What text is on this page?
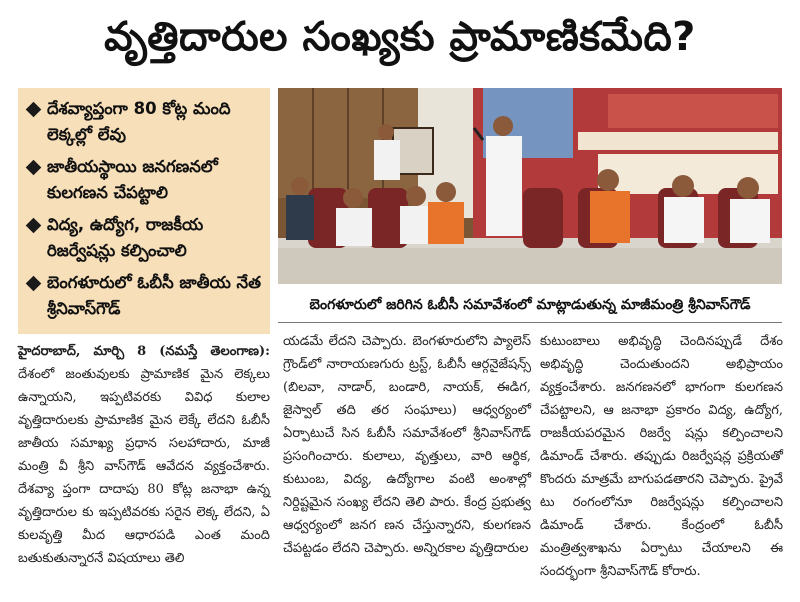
వృత్తిదారుల సంఖ్యకు ప్రామాణికమేది?
దేశవ్యాప్తంగా 80 కోట్ల మంది లెక్కల్లో లేవు
జాతీయస్థాయి జనగణనలో కులగణన చేపట్టాలి
విద్య, ఉద్యోగ, రాజకీయ రిజర్వేషన్లు కల్పించాలి
బెంగళూరులో ఓబీసీ జాతీయ నేత శ్రీనివాస్‌గౌడ్	బెంగళూరులో జరిగిన ఓబీసీ సమావేశంలో మాట్లాడుతున్న మాజీమంత్రి శ్రీనివాస్‌గౌడ్
హైదరాబాద్, మార్చి 8 (నమస్తే తెలంగాణ): దేశంలో జంతువులకు ప్రామాణిక మైన లెక్కలు ఉన్నాయని, ఇప్పటివరకు వివిధ కులాల వృత్తిదారులకు ప్రామాణిక మైన లెక్కే లేదని ఓబీసీ జాతీయ సమాఖ్య ప్రధాన సలహాదారు, మాజీ మంత్రి వీ శ్రీని వాస్‌గౌడ్ ఆవేదన వ్యక్తంచేశారు. దేశవ్యా ప్తంగా దాదాపు 80 కోట్ల జనాభా ఉన్న వృత్తిదారుల కు ఇప్పటివరకు సరైన లెక్క లేదని, ఏ కులవృత్తి మీద ఆధారపడి ఎంత మంది బతుకుతున్నారనే విషయాలు తెలి
యడమే లేదని చెప్పారు. బెంగళూరులోని ప్యాలెస్ గ్రౌండ్‌లో నారాయణగురు ట్రస్ట్, ఓబీసీ ఆర్గనైజేషన్స్ (బిలవా, నాడార్, బండారి, నాయక్, ఈడిగ, జైస్వాల్ తది తర సంఘాలు) ఆధ్వర్యంలో ఏర్పాటుచే సిన ఓబీసీ సమావేశంలో శ్రీనివాస్‌గౌడ్ ప్రసంగించారు. కులాలు, వృత్తులు, వారి ఆర్థిక, కుటుంబ, విద్య, ఉద్యోగాల వంటి అంశాల్లో నిర్దిష్టమైన సంఖ్య లేదని తెలి పారు. కేంద్ర ప్రభుత్వ ఆధ్వర్యంలో జనగ ణన చేస్తున్నారని, కులగణన చేపట్టడం లేదని చెప్పారు. అన్నిరకాల వృత్తిదారుల
కుటుంబాలు అభివృద్ధి చెందినప్పుడే దేశం అభివృద్ధి చెందుతుందని అభిప్రాయం వ్యక్తంచేశారు. జనగణనలో భాగంగా కులగణన చేపట్టాలని, ఆ జనాభా ప్రకారం విద్య, ఉద్యోగ, రాజకీయపరమైన రిజర్వే షన్లు కల్పించాలని డిమాండ్ చేశారు. తప్పుడు రిజర్వేషన్ల ప్రక్రియతో కొందరు మాత్రమే బాగుపడతారని చెప్పారు. ప్రైవే టు రంగంలోనూ రిజర్వేషన్లు కల్పించాలని డిమాండ్ చేశారు. కేంద్రంలో ఓబీసీ మంత్రిత్వశాఖను ఏర్పాటు చేయాలని ఈ సందర్భంగా శ్రీనివాస్‌గౌడ్ కోరారు.
